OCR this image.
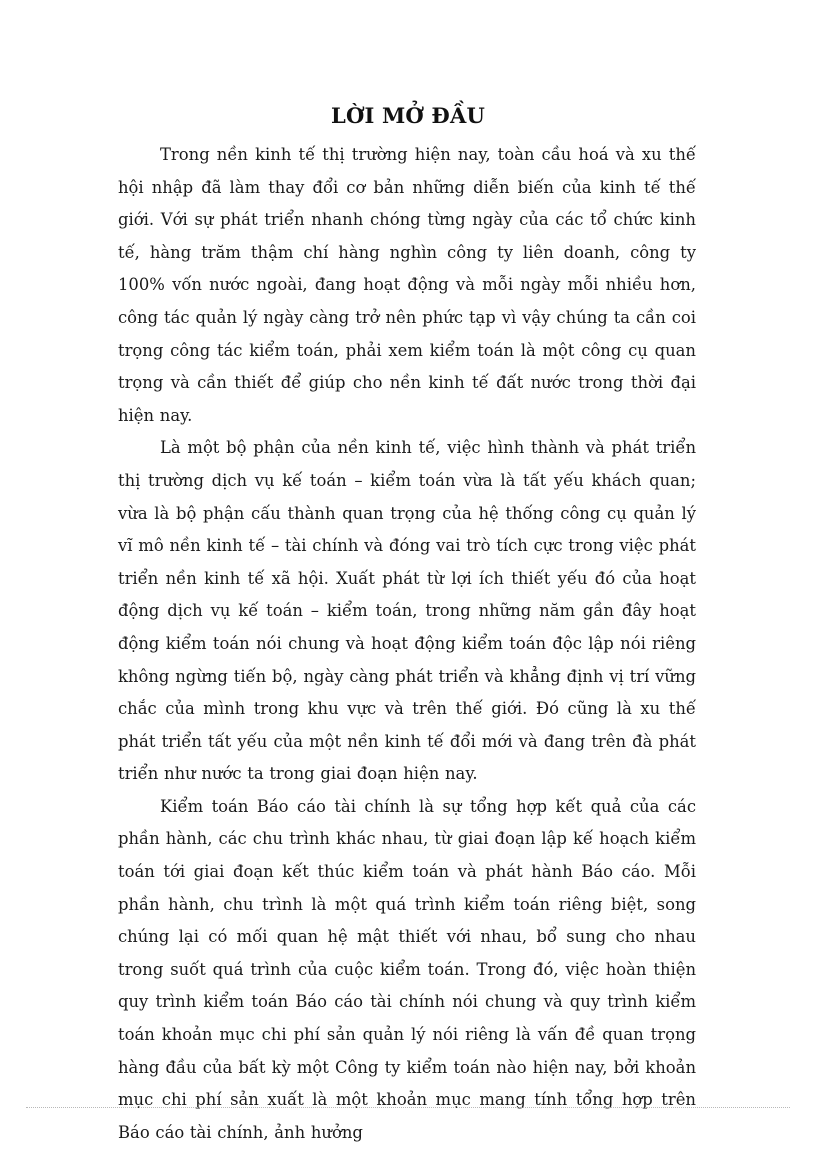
LỜI MỞ ĐẦU

Trong nền kinh tế thị trường hiện nay, toàn cầu hoá và xu thế hội nhập đã làm thay đổi cơ bản những diễn biến của kinh tế thế giới. Với sự phát triển nhanh chóng từng ngày của các tổ chức kinh tế, hàng trăm thậm chí hàng nghìn công ty liên doanh, công ty 100% vốn nước ngoài, đang hoạt động và mỗi ngày mỗi nhiều hơn, công tác quản lý ngày càng trở nên phức tạp vì vậy chúng ta cần coi trọng công tác kiểm toán, phải xem kiểm toán là một công cụ quan trọng và cần thiết để giúp cho nền kinh tế đất nước trong thời đại hiện nay.

Là một bộ phận của nền kinh tế, việc hình thành và phát triển thị trường dịch vụ kế toán – kiểm toán vừa là tất yếu khách quan; vừa là bộ phận cấu thành quan trọng của hệ thống công cụ quản lý vĩ mô nền kinh tế – tài chính và đóng vai trò tích cực trong việc phát triển nền kinh tế xã hội. Xuất phát từ lợi ích thiết yếu đó của hoạt động dịch vụ kế toán – kiểm toán, trong những năm gần đây hoạt động kiểm toán nói chung và hoạt động kiểm toán độc lập nói riêng không ngừng tiến bộ, ngày càng phát triển và khẳng định vị trí vững chắc của mình trong khu vực và trên thế giới. Đó cũng là xu thế phát triển tất yếu của một nền kinh tế đổi mới và đang trên đà phát triển như nước ta trong giai đoạn hiện nay.

Kiểm toán Báo cáo tài chính là sự tổng hợp kết quả của các phần hành, các chu trình khác nhau, từ giai đoạn lập kế hoạch kiểm toán tới giai đoạn kết thúc kiểm toán và phát hành Báo cáo. Mỗi phần hành, chu trình là một quá trình kiểm toán riêng biệt, song chúng lại có mối quan hệ mật thiết với nhau, bổ sung cho nhau trong suốt quá trình của cuộc kiểm toán. Trong đó, việc hoàn thiện quy trình kiểm toán Báo cáo tài chính nói chung và quy trình kiểm toán khoản mục chi phí sản quản lý nói riêng là vấn đề quan trọng hàng đầu của bất kỳ một Công ty kiểm toán nào hiện nay, bởi khoản mục chi phí sản xuất là một khoản mục mang tính tổng hợp trên Báo cáo tài chính, ảnh hưởng
